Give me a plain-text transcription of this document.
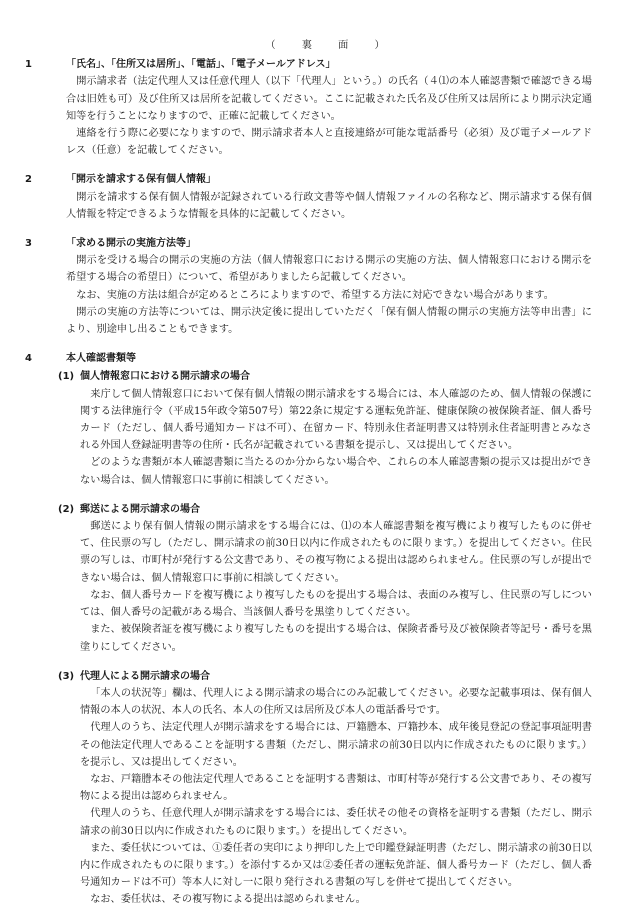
（　裏　面　）
1	「氏名」、「住所又は居所」、「電話」、「電子メールアドレス」
開示請求者（法定代理人又は任意代理人（以下「代理人」という。）の氏名（４⑴の本人確認書類で確認できる場合は旧姓も可）及び住所又は居所を記載してください。ここに記載された氏名及び住所又は居所により開示決定通知等を行うことになりますので、正確に記載してください。
連絡を行う際に必要になりますので、開示請求者本人と直接連絡が可能な電話番号（必須）及び電子メールアドレス（任意）を記載してください。
2	「開示を請求する保有個人情報」
開示を請求する保有個人情報が記録されている行政文書等や個人情報ファイルの名称など、開示請求する保有個人情報を特定できるような情報を具体的に記載してください。
3	「求める開示の実施方法等」
開示を受ける場合の開示の実施の方法（個人情報窓口における開示の実施の方法、個人情報窓口における開示を希望する場合の希望日）について、希望がありましたら記載してください。
なお、実施の方法は組合が定めるところによりますので、希望する方法に対応できない場合があります。
開示の実施の方法等については、開示決定後に提出していただく「保有個人情報の開示の実施方法等申出書」により、別途申し出ることもできます。
4	本人確認書類等
(1) 個人情報窓口における開示請求の場合
来庁して個人情報窓口において保有個人情報の開示請求をする場合には、本人確認のため、個人情報の保護に関する法律施行令（平成15年政令第507号）第22条に規定する運転免許証、健康保険の被保険者証、個人番号カード（ただし、個人番号通知カードは不可）、在留カード、特別永住者証明書又は特別永住者証明書とみなされる外国人登録証明書等の住所・氏名が記載されている書類を提示し、又は提出してください。
どのような書類が本人確認書類に当たるのか分からない場合や、これらの本人確認書類の提示又は提出ができない場合は、個人情報窓口に事前に相談してください。
(2) 郵送による開示請求の場合
郵送により保有個人情報の開示請求をする場合には、⑴の本人確認書類を複写機により複写したものに併せて、住民票の写し（ただし、開示請求の前30日以内に作成されたものに限ります。）を提出してください。住民票の写しは、市町村が発行する公文書であり、その複写物による提出は認められません。住民票の写しが提出できない場合は、個人情報窓口に事前に相談してください。
なお、個人番号カードを複写機により複写したものを提出する場合は、表面のみ複写し、住民票の写しについては、個人番号の記載がある場合、当該個人番号を黒塗りしてください。
また、被保険者証を複写機により複写したものを提出する場合は、保険者番号及び被保険者等記号・番号を黒塗りにしてください。
(3) 代理人による開示請求の場合
「本人の状況等」欄は、代理人による開示請求の場合にのみ記載してください。必要な記載事項は、保有個人情報の本人の状況、本人の氏名、本人の住所又は居所及び本人の電話番号です。
代理人のうち、法定代理人が開示請求をする場合には、戸籍謄本、戸籍抄本、成年後見登記の登記事項証明書その他法定代理人であることを証明する書類（ただし、開示請求の前30日以内に作成されたものに限ります。）を提示し、又は提出してください。
なお、戸籍謄本その他法定代理人であることを証明する書類は、市町村等が発行する公文書であり、その複写物による提出は認められません。
代理人のうち、任意代理人が開示請求をする場合には、委任状その他その資格を証明する書類（ただし、開示請求の前30日以内に作成されたものに限ります。）を提出してください。
また、委任状については、①委任者の実印により押印した上で印鑑登録証明書（ただし、開示請求の前30日以内に作成されたものに限ります。）を添付するか又は②委任者の運転免許証、個人番号カード（ただし、個人番号通知カードは不可）等本人に対し一に限り発行される書類の写しを併せて提出してください。
なお、委任状は、その複写物による提出は認められません。
